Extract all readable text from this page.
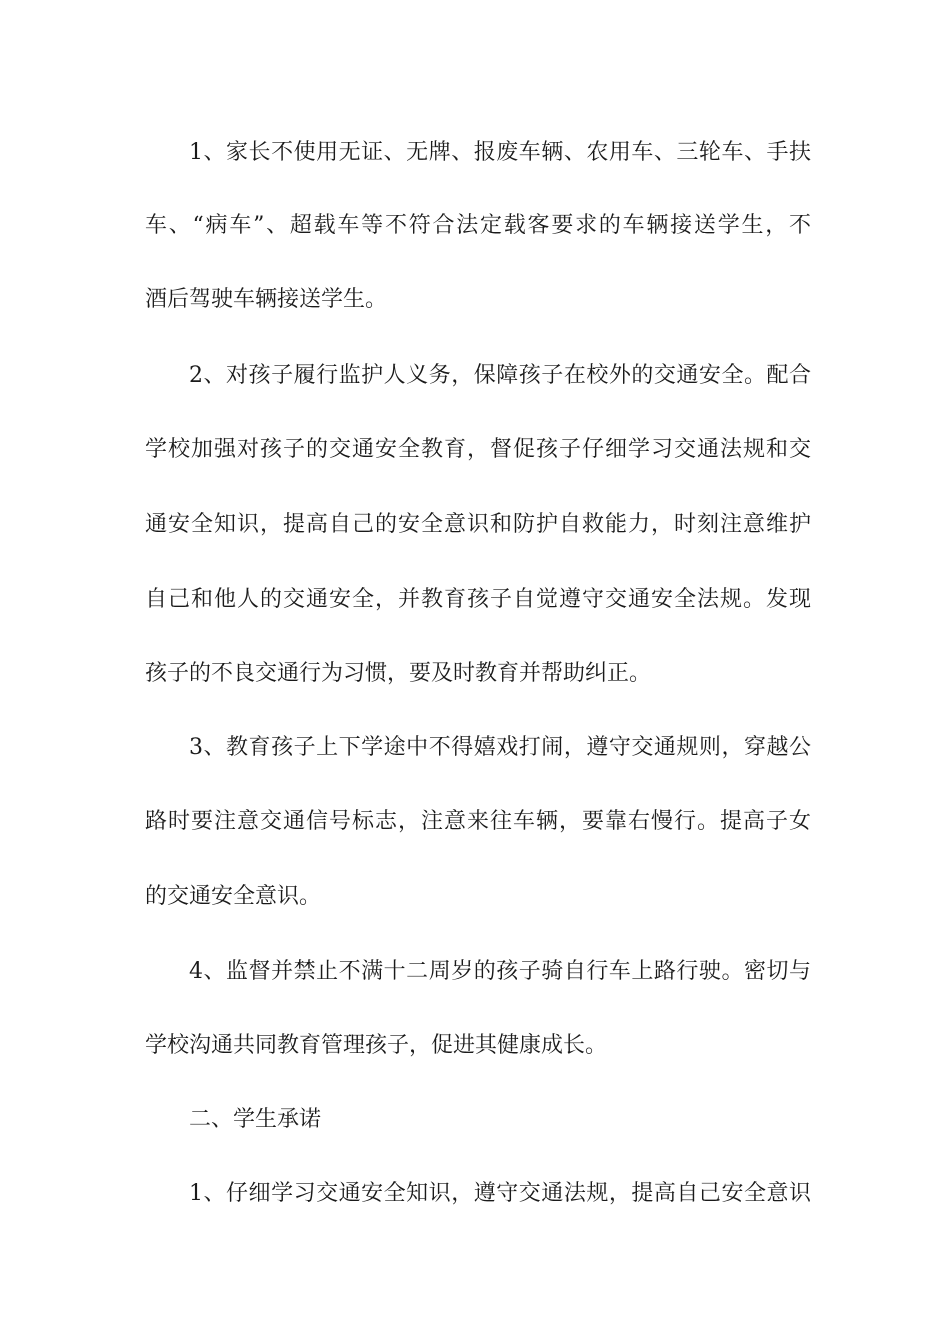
1、家长不使用无证、无牌、报废车辆、农用车、三轮车、手扶
车、“病车”、超载车等不符合法定载客要求的车辆接送学生，不
酒后驾驶车辆接送学生。
2、对孩子履行监护人义务，保障孩子在校外的交通安全。配合
学校加强对孩子的交通安全教育，督促孩子仔细学习交通法规和交
通安全知识，提高自己的安全意识和防护自救能力，时刻注意维护
自己和他人的交通安全，并教育孩子自觉遵守交通安全法规。发现
孩子的不良交通行为习惯，要及时教育并帮助纠正。
3、教育孩子上下学途中不得嬉戏打闹，遵守交通规则，穿越公
路时要注意交通信号标志，注意来往车辆，要靠右慢行。提高子女
的交通安全意识。
4、监督并禁止不满十二周岁的孩子骑自行车上路行驶。密切与
学校沟通共同教育管理孩子，促进其健康成长。
二、学生承诺
1、仔细学习交通安全知识，遵守交通法规，提高自己安全意识
